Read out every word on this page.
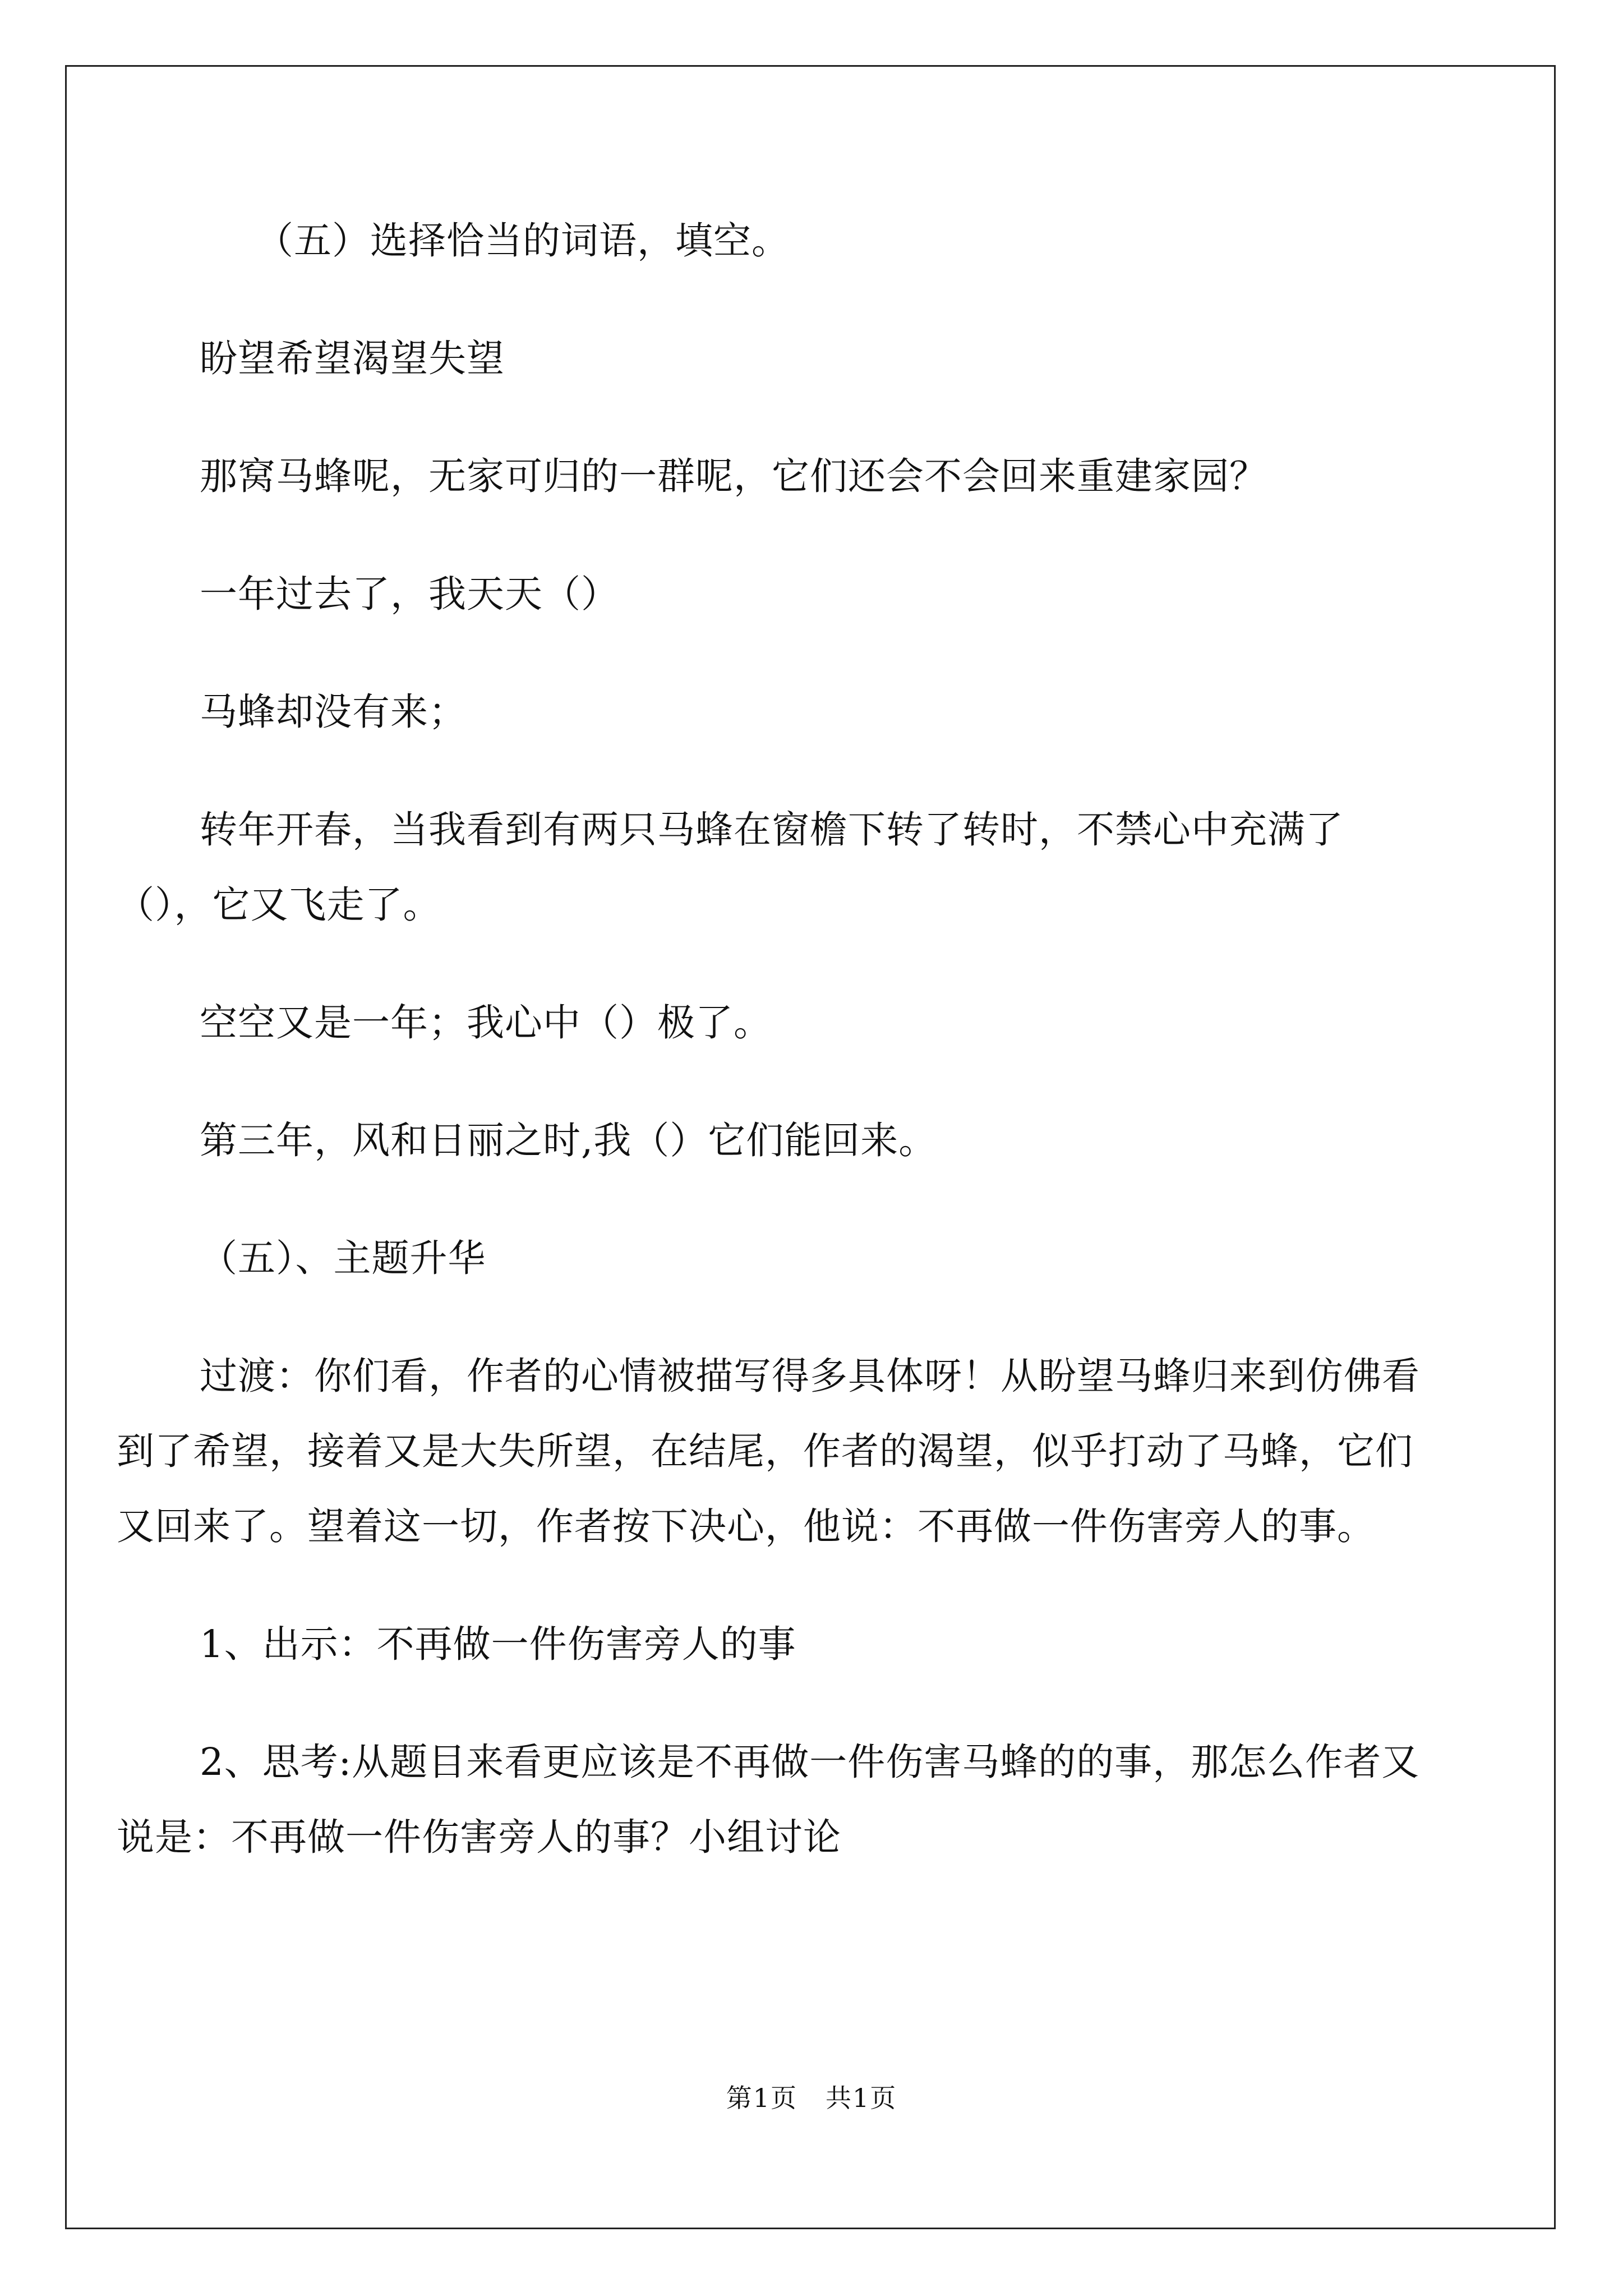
（五）选择恰当的词语，填空。

盼望希望渴望失望

那窝马蜂呢，无家可归的一群呢，它们还会不会回来重建家园？

一年过去了，我天天（）

马蜂却没有来；

转年开春，当我看到有两只马蜂在窗檐下转了转时，不禁心中充满了（），它又飞走了。

空空又是一年；我心中（）极了。

第三年，风和日丽之时,我（）它们能回来。

（五）、主题升华

过渡：你们看，作者的心情被描写得多具体呀！从盼望马蜂归来到仿佛看到了希望，接着又是大失所望，在结尾，作者的渴望，似乎打动了马蜂，它们又回来了。望着这一切，作者按下决心，他说：不再做一件伤害旁人的事。

1、出示：不再做一件伤害旁人的事

2、思考:从题目来看更应该是不再做一件伤害马蜂的的事，那怎么作者又说是：不再做一件伤害旁人的事？小组讨论

第1页 共1页
